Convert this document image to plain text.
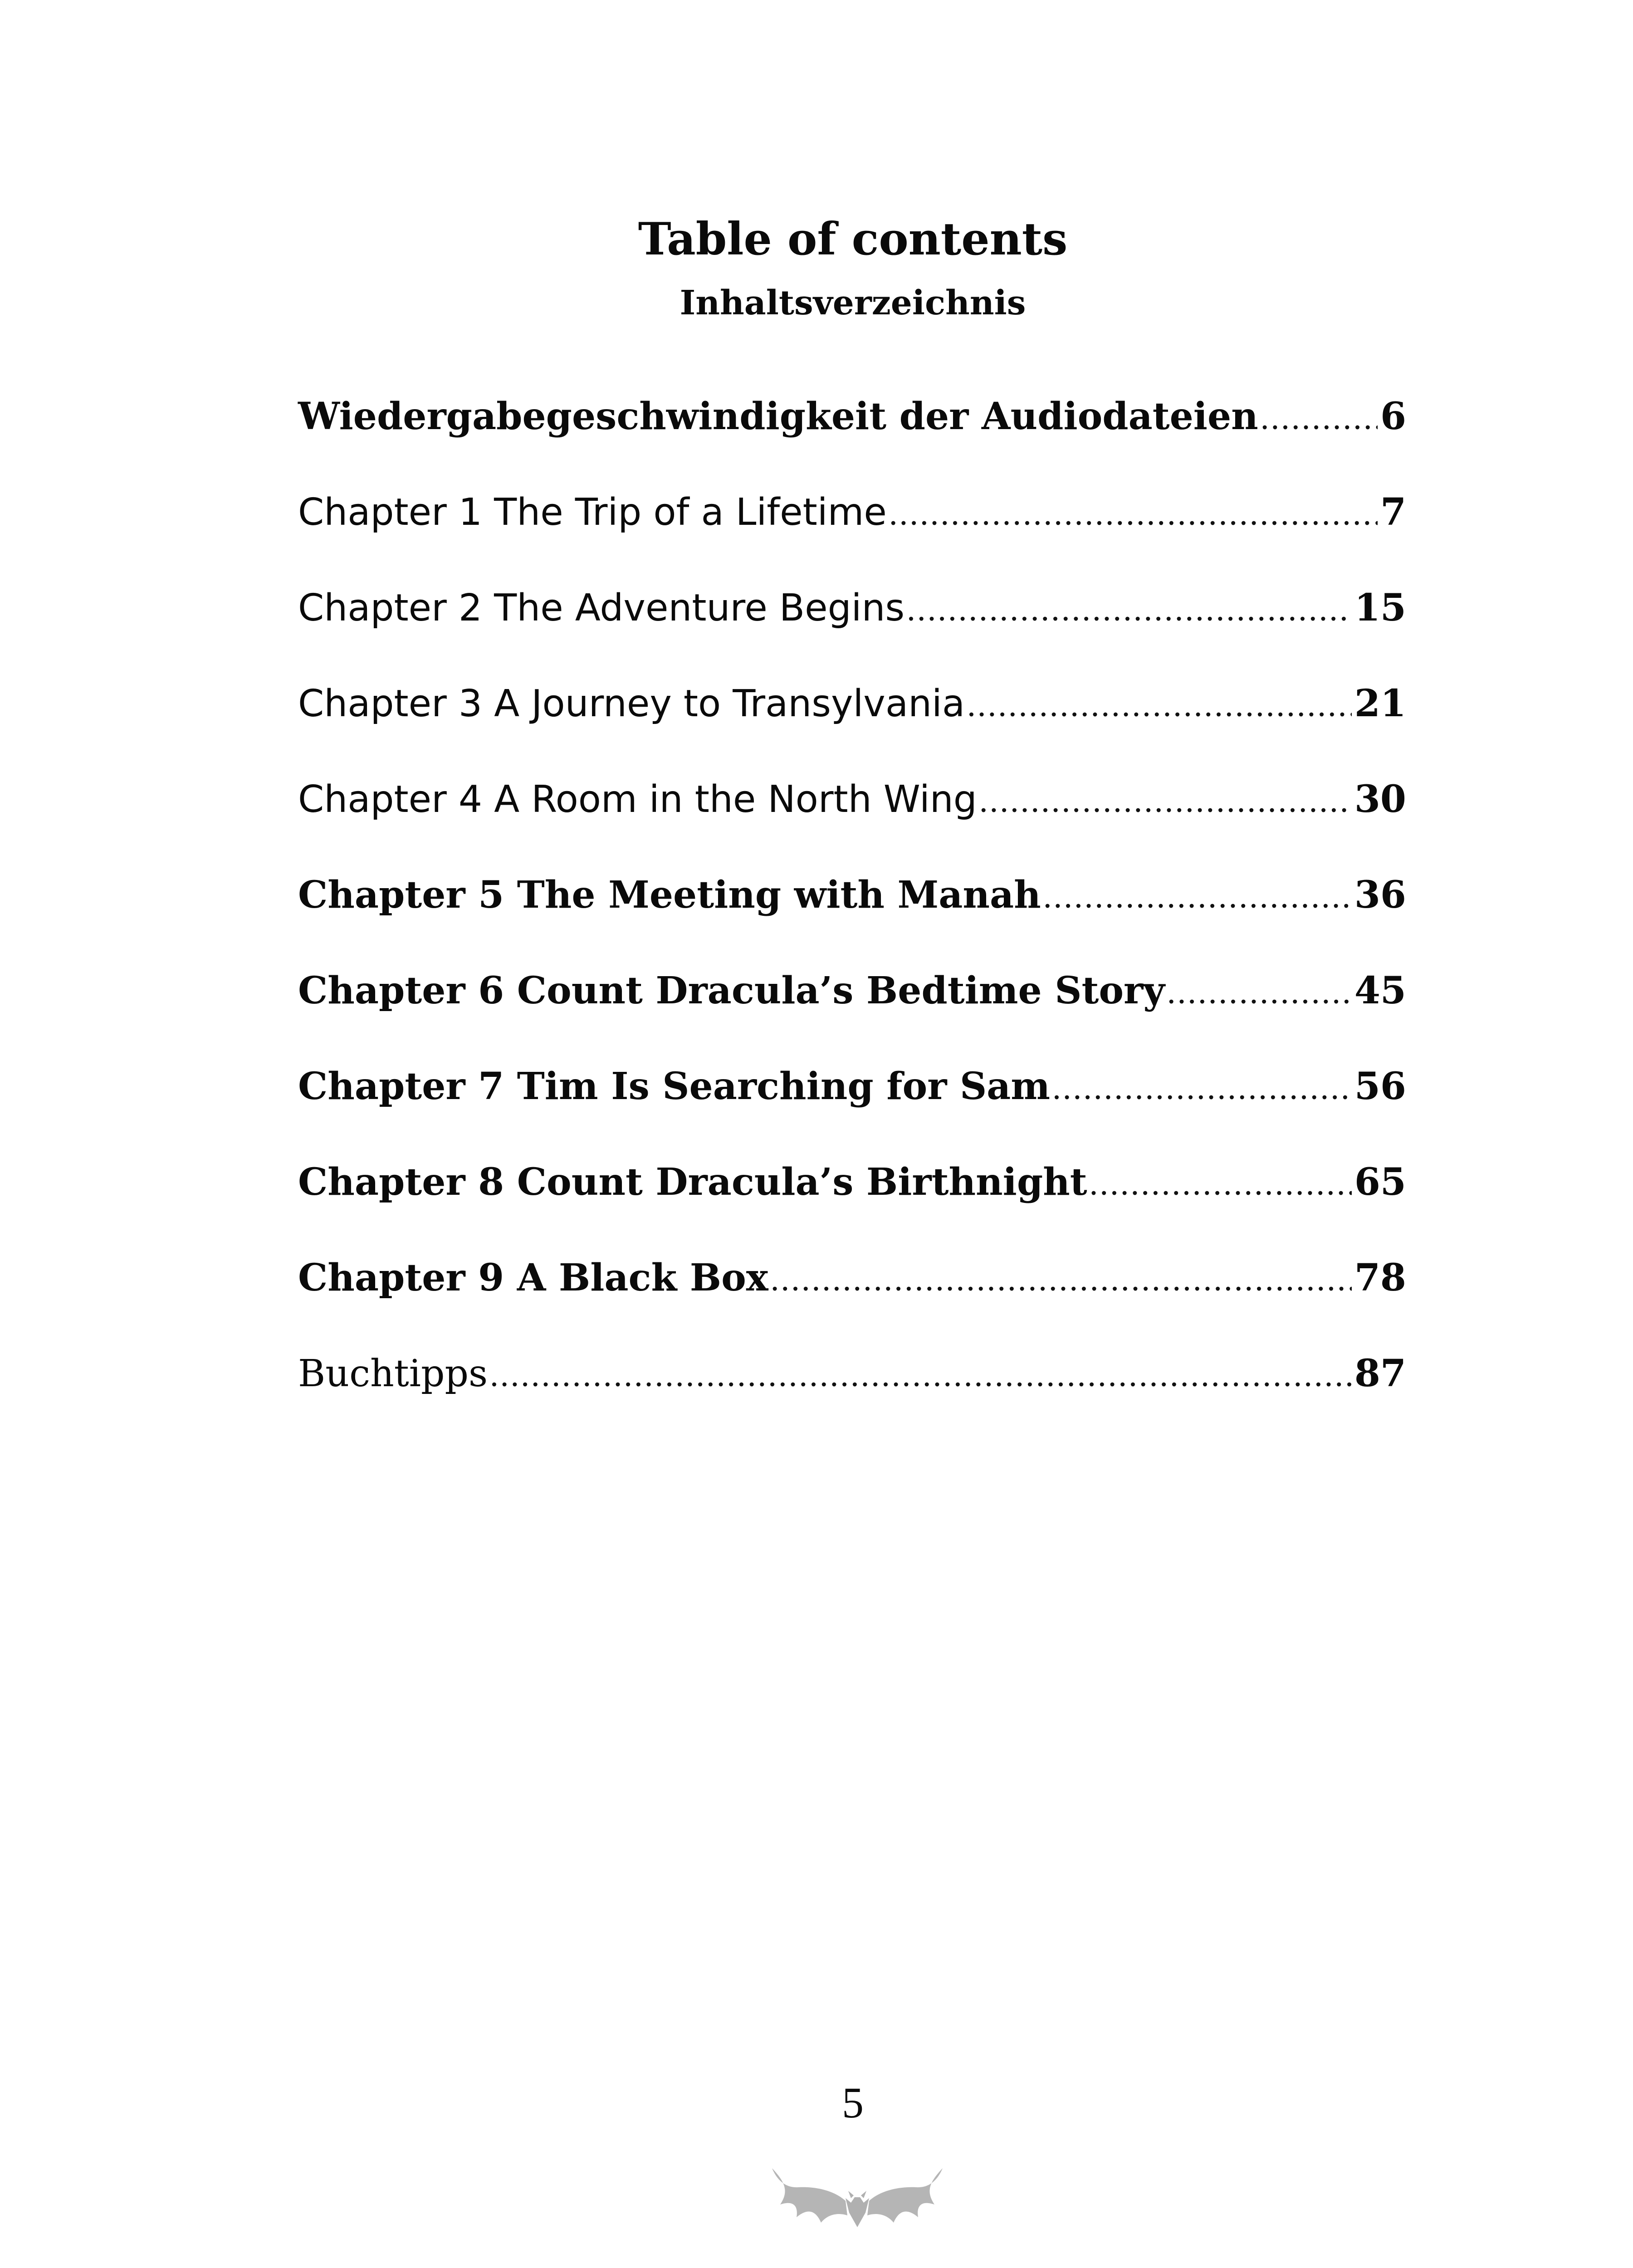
Table of contents
Inhaltsverzeichnis
Wiedergabegeschwindigkeit der Audiodateien .....	6
Chapter 1 The Trip of a Lifetime .....	7
Chapter 2 The Adventure Begins .....	15
Chapter 3 A Journey to Transylvania .....	21
Chapter 4 A Room in the North Wing .....	30
Chapter 5 The Meeting with Manah .....	36
Chapter 6 Count Dracula’s Bedtime Story .....	45
Chapter 7 Tim Is Searching for Sam .....	56
Chapter 8 Count Dracula’s Birthnight .....	65
Chapter 9 A Black Box .....	78
Buchtipps .....	87
5
